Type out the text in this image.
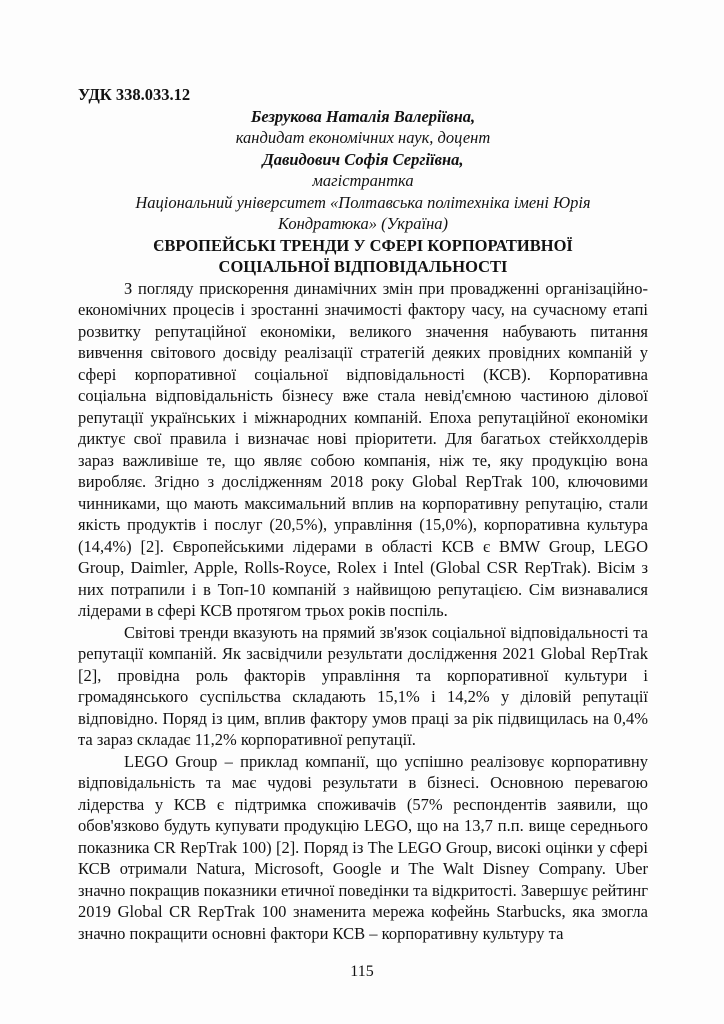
УДК 338.033.12
Безрукова Наталія Валеріївна,
кандидат економічних наук, доцент
Давидович Софія Сергіївна,
магістрантка
Національний університет «Полтавська політехніка імені Юрія
Кондратюка» (Україна)
ЄВРОПЕЙСЬКІ ТРЕНДИ У СФЕРІ КОРПОРАТИВНОЇ
СОЦІАЛЬНОЇ ВІДПОВІДАЛЬНОСТІ

З погляду прискорення динамічних змін при провадженні організаційно-економічних процесів і зростанні значимості фактору часу, на сучасному етапі розвитку репутаційної економіки, великого значення набувають питання вивчення світового досвіду реалізації стратегій деяких провідних компаній у сфері корпоративної соціальної відповідальності (КСВ). Корпоративна соціальна відповідальність бізнесу вже стала невід'ємною частиною ділової репутації українських і міжнародних компаній. Епоха репутаційної економіки диктує свої правила і визначає нові пріоритети. Для багатьох стейкхолдерів зараз важливіше те, що являє собою компанія, ніж те, яку продукцію вона виробляє. Згідно з дослідженням 2018 року Global RepTrak 100, ключовими чинниками, що мають максимальний вплив на корпоративну репутацію, стали якість продуктів і послуг (20,5%), управління (15,0%), корпоративна культура (14,4%) [2]. Європейськими лідерами в області КСВ є BMW Group, LEGO Group, Daimler, Apple, Rolls-Royce, Rolex і Intel (Global CSR RepTrak). Вісім з них потрапили і в Топ-10 компаній з найвищою репутацією. Сім визнавалися лідерами в сфері КСВ протягом трьох років поспіль.

Світові тренди вказують на прямий зв'язок соціальної відповідальності та репутації компаній. Як засвідчили результати дослідження 2021 Global RepTrak [2], провідна роль факторів управління та корпоративної культури і громадянського суспільства складають 15,1% і 14,2% у діловій репутації відповідно. Поряд із цим, вплив фактору умов праці за рік підвищилась на 0,4% та зараз складає 11,2% корпоративної репутації.

LEGO Group – приклад компанії, що успішно реалізовує корпоративну відповідальність та має чудові результати в бізнесі. Основною перевагою лідерства у КСВ є підтримка споживачів (57% респондентів заявили, що обов'язково будуть купувати продукцію LEGO, що на 13,7 п.п. вище середнього показника CR RepTrak 100) [2]. Поряд із The LEGO Group, високі оцінки у сфері КСВ отримали Natura, Microsoft, Google и The Walt Disney Company. Uber значно покращив показники етичної поведінки та відкритості. Завершує рейтинг 2019 Global CR RepTrak 100 знаменита мережа кофейнь Starbucks, яка змогла значно покращити основні фактори КСВ – корпоративну культуру та

115
